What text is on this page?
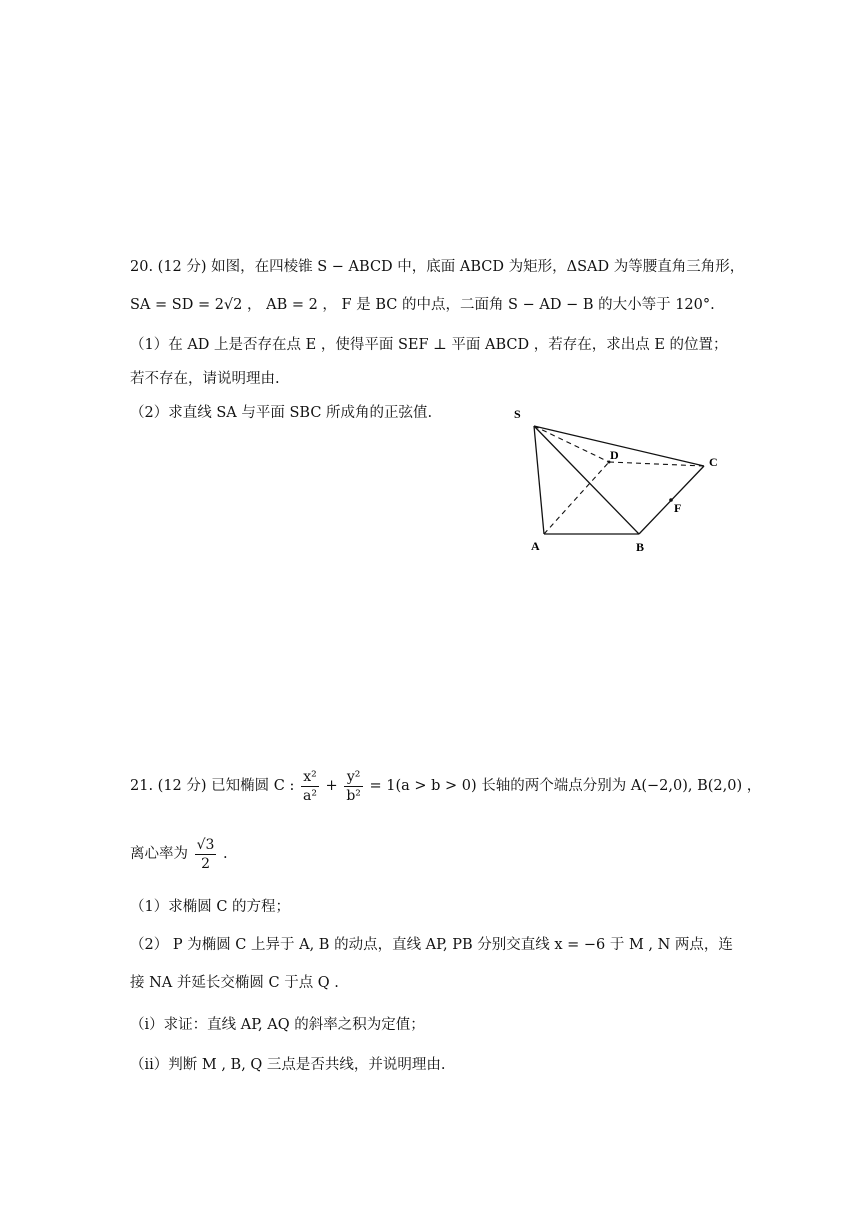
20. (12 分) 如图，在四棱锥 S − ABCD 中，底面 ABCD 为矩形，ΔSAD 为等腰直角三角形，
SA = SD = 2√2 ， AB = 2 ， F 是 BC 的中点，二面角 S − AD − B 的大小等于 120°.
（1）在 AD 上是否存在点 E ，使得平面 SEF ⊥ 平面 ABCD ，若存在，求出点 E 的位置；
若不存在，请说明理由.
（2）求直线 SA 与平面 SBC 所成角的正弦值.	S
D	C
F
A	B
21. (12 分) 已知椭圆 C : $\frac{\text{x²}}{\text{a²}} + \frac{\text{y²}}{\text{b²}} = 1(a > b > 0)$ 长轴的两个端点分别为 A(−2,0), B(2,0) ，
离心率为 $\frac{√3}{2}$ .
（1）求椭圆 C 的方程；
（2） P 为椭圆 C 上异于 A, B 的动点，直线 AP, PB 分别交直线 x = −6 于 M , N 两点，连
接 NA 并延长交椭圆 C 于点 Q .
（ⅰ）求证：直线 AP, AQ 的斜率之积为定值；
（ⅱ）判断 M , B, Q 三点是否共线，并说明理由.
